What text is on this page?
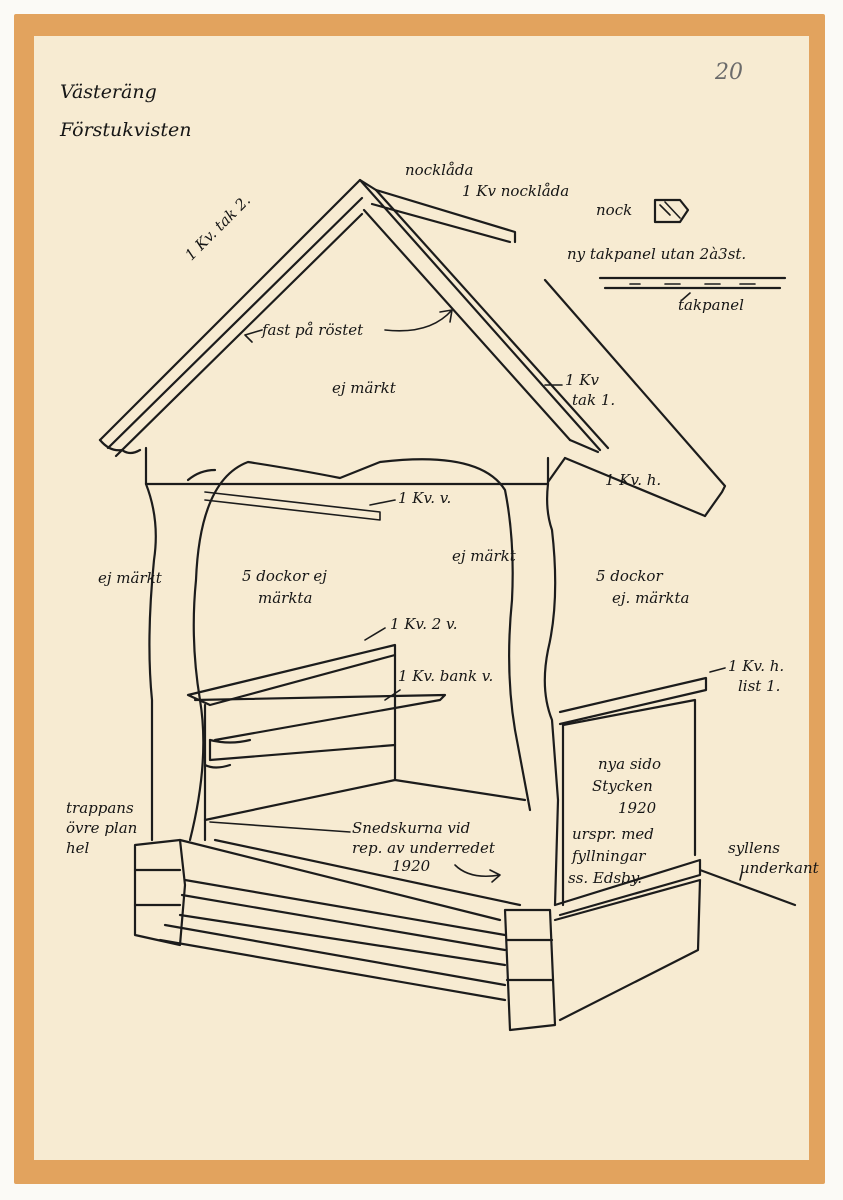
Västeräng
Förstukvisten
20
nocklåda
1 Kv nocklåda
nock
ny takpanel utan 2à3st.
takpanel
1 Kv. tak 2.
fast på röstet
ej märkt	1 Kv
tak 1.
1 Kv. h.
1 Kv. v.
ej märkt	5 dockor ej
märkta
ej märkt
5 dockor
ej. märkta
1 Kv. 2 v.
1 Kv. bank v.
1 Kv. h.
list 1.
nya sido
Stycken
1920
urspr. med
fyllningar
ss. Edsby.
trappans
övre plan
hel
Snedskurna vid
rep. av underredet
1920
syllens
underkant
